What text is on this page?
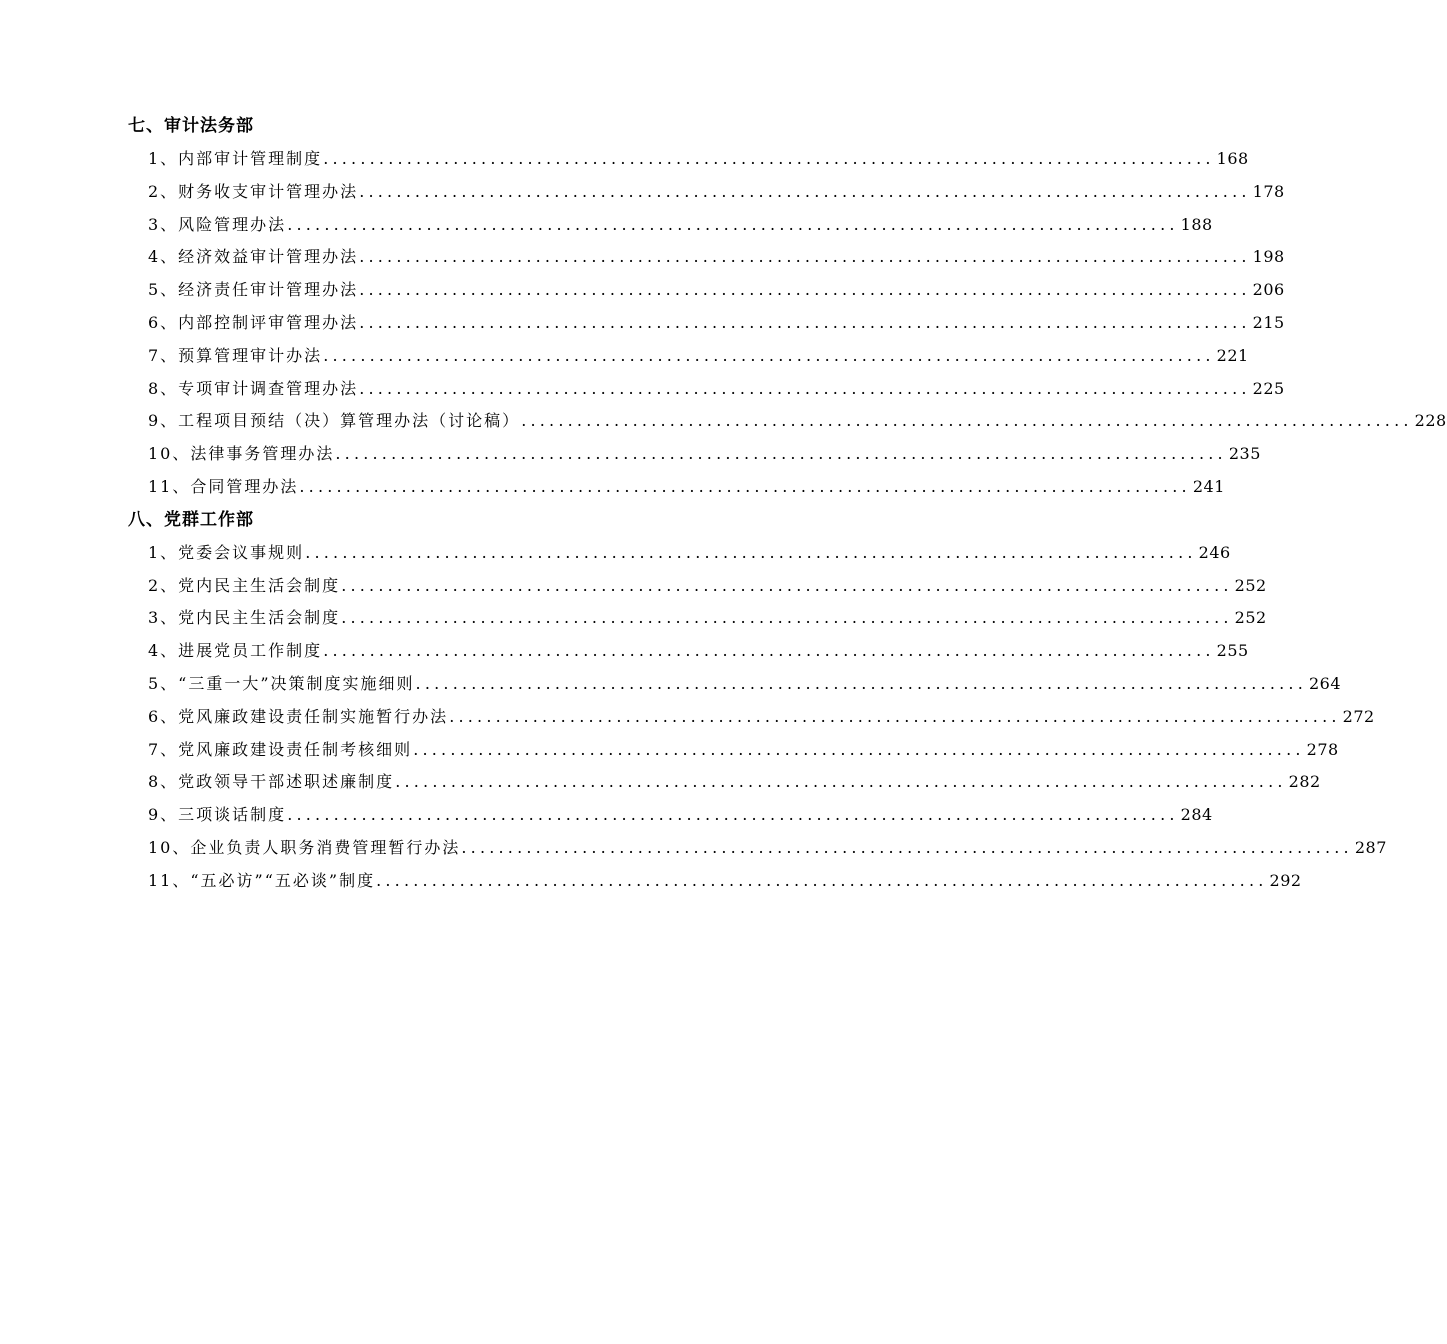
七、审计法务部
1、内部审计管理制度 ................................................................................................ 168
2、财务收支审计管理办法 ................................................................................................ 178
3、风险管理办法 ................................................................................................ 188
4、经济效益审计管理办法 ................................................................................................ 198
5、经济责任审计管理办法 ................................................................................................ 206
6、内部控制评审管理办法 ................................................................................................ 215
7、预算管理审计办法 ................................................................................................ 221
8、专项审计调查管理办法 ................................................................................................ 225
9、工程项目预结（决）算管理办法（讨论稿） ................................................................................................ 228
10、法律事务管理办法 ................................................................................................ 235
11、合同管理办法 ................................................................................................ 241
八、党群工作部
1、党委会议事规则 ................................................................................................ 246
2、党内民主生活会制度 ................................................................................................ 252
3、党内民主生活会制度 ................................................................................................ 252
4、进展党员工作制度 ................................................................................................ 255
5、“三重一大”决策制度实施细则 ................................................................................................ 264
6、党风廉政建设责任制实施暂行办法 ................................................................................................ 272
7、党风廉政建设责任制考核细则 ................................................................................................ 278
8、党政领导干部述职述廉制度 ................................................................................................ 282
9、三项谈话制度 ................................................................................................ 284
10、企业负责人职务消费管理暂行办法 ................................................................................................ 287
11、“五必访”“五必谈”制度 ................................................................................................ 292
